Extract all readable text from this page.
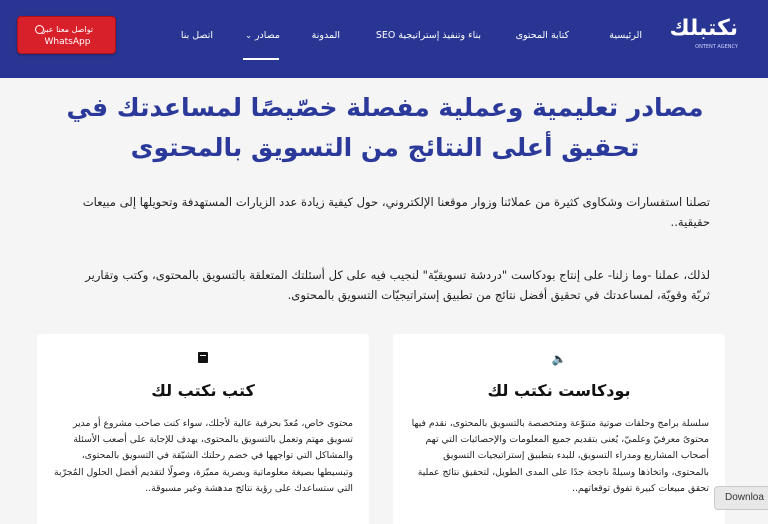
نكتبلك
ONTENT AGENCY
الرئيسية
كتابة المحتوى
بناء وتنفيذ إستراتيجية SEO
المدونة
مصادر⌄
اتصل بنا
تواصل معنا عبر
WhatsApp
مصادر تعليمية وعملية مفصلة خصّيصًا لمساعدتك في تحقيق أعلى النتائج من التسويق بالمحتوى
تصلنا استفسارات وشكاوى كثيرة من عملائنا وزوار موقعنا الإلكتروني، حول كيفية زيادة عدد الزيارات المستهدفة وتحويلها إلى مبيعات حقيقية..
لذلك، عملنا -وما زلنا- على إنتاج بودكاست "دردشة تسويقيّة" لنجيب فيه على كل أسئلتك المتعلقة بالتسويق بالمحتوى، وكتب وتقارير ثريّة وقويّة، لمساعدتك في تحقيق أفضل نتائج من تطبيق إستراتيجيّات التسويق بالمحتوى.
كتب نكتب لك
محتوى خاص، مُعدّ بحرفية عالية لأجلك، سواء كنت صاحب مشروع أو مدير تسويق مهتم وتعمل بالتسويق بالمحتوى، يهدف للإجابة على أصعب الأسئلة والمشاكل التي تواجهها في خضم رحلتك الشيّقة في التسويق بالمحتوى، وتبسيطها بصيغة معلوماتية وبصرية مميّزة، وصولًا لتقديم أفضل الحلول المُجرّبة التي ستساعدك على رؤية نتائج مدهشة وغير مسبوقة..
🔈
بودكاست نكتب لك
سلسلة برامج وحلقات صوتية متنوّعة ومتخصصة بالتسويق بالمحتوى، نقدم فيها محتوىً معرفيّ وعلميّ، يُعنى بتقديم جميع المعلومات والإحصائيات التي تهم أصحاب المشاريع ومدراء التسويق، للبدء بتطبيق إستراتيجيات التسويق بالمحتوى، واتخاذها وسيلةً ناجحة جدًا على المدى الطويل، لتحقيق نتائج عملية تحقق مبيعات كبيرة تفوق توقعاتهم..
Downloa
